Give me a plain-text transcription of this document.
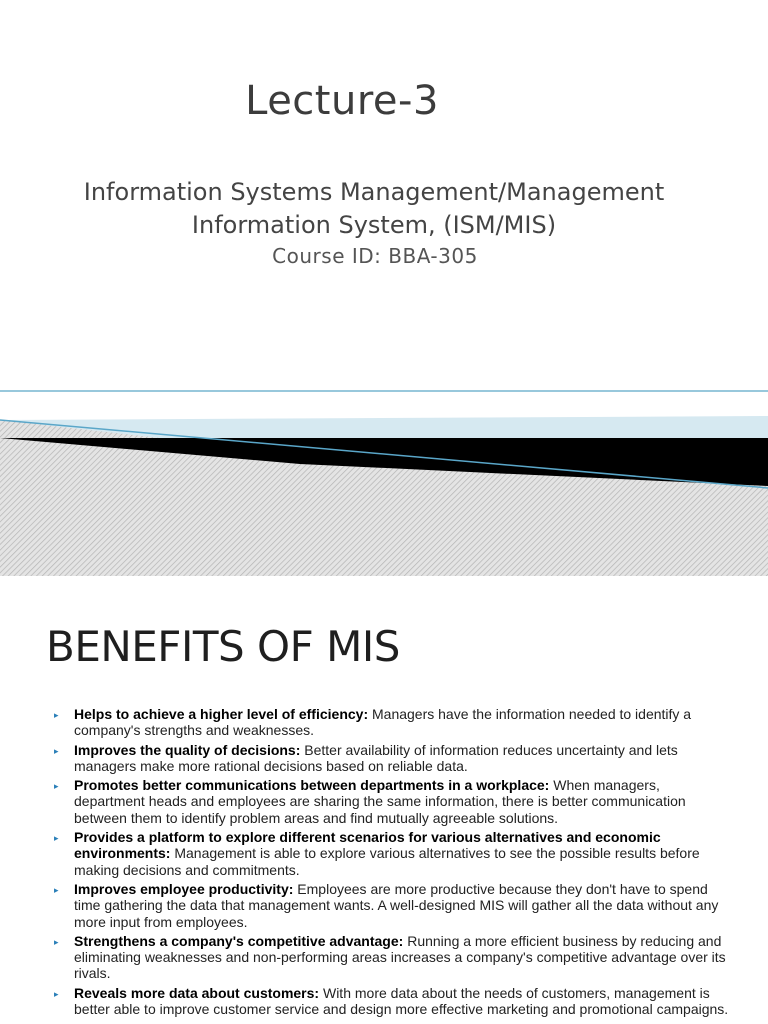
Lecture-3
Information Systems Management/Management
Information System, (ISM/MIS)
Course ID: BBA-305
BENEFITS OF MIS
▸ Helps to achieve a higher level of efficiency: Managers have the information needed to identify a company's strengths and weaknesses.
▸ Improves the quality of decisions: Better availability of information reduces uncertainty and lets managers make more rational decisions based on reliable data.
▸ Promotes better communications between departments in a workplace: When managers, department heads and employees are sharing the same information, there is better communication between them to identify problem areas and find mutually agreeable solutions.
▸ Provides a platform to explore different scenarios for various alternatives and economic environments: Management is able to explore various alternatives to see the possible results before making decisions and commitments.
▸ Improves employee productivity: Employees are more productive because they don't have to spend time gathering the data that management wants. A well-designed MIS will gather all the data without any more input from employees.
▸ Strengthens a company's competitive advantage: Running a more efficient business by reducing and eliminating weaknesses and non-performing areas increases a company's competitive advantage over its rivals.
▸ Reveals more data about customers: With more data about the needs of customers, management is better able to improve customer service and design more effective marketing and promotional campaigns.
